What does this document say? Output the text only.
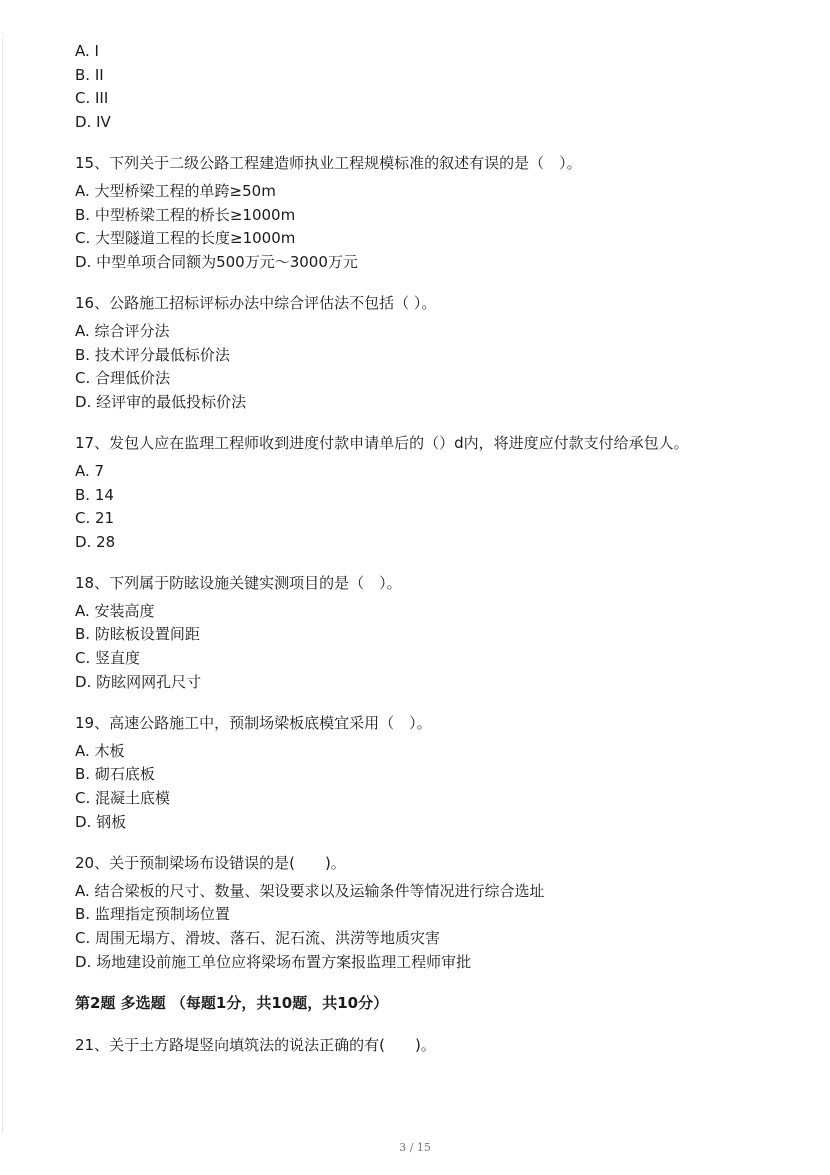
A. I

B. II

C. III

D. IV

15、下列关于二级公路工程建造师执业工程规模标准的叙述有误的是（　）。

A. 大型桥梁工程的单跨≥50m

B. 中型桥梁工程的桥长≥1000m

C. 大型隧道工程的长度≥1000m

D. 中型单项合同额为500万元～3000万元

16、公路施工招标评标办法中综合评估法不包括（ ）。

A. 综合评分法

B. 技术评分最低标价法

C. 合理低价法

D. 经评审的最低投标价法

17、发包人应在监理工程师收到进度付款申请单后的（）d内，将进度应付款支付给承包人。

A. 7

B. 14

C. 21

D. 28

18、下列属于防眩设施关键实测项目的是（　）。

A. 安装高度

B. 防眩板设置间距

C. 竖直度

D. 防眩网网孔尺寸

19、高速公路施工中，预制场梁板底模宜采用（　）。

A. 木板

B. 砌石底板

C. 混凝土底模

D. 钢板

20、关于预制梁场布设错误的是(　　)。

A. 结合梁板的尺寸、数量、架设要求以及运输条件等情况进行综合选址

B. 监理指定预制场位置

C. 周围无塌方、滑坡、落石、泥石流、洪涝等地质灾害

D. 场地建设前施工单位应将梁场布置方案报监理工程师审批

第2题 多选题 （每题1分，共10题，共10分）

21、关于土方路堤竖向填筑法的说法正确的有(　　)。

3 / 15
